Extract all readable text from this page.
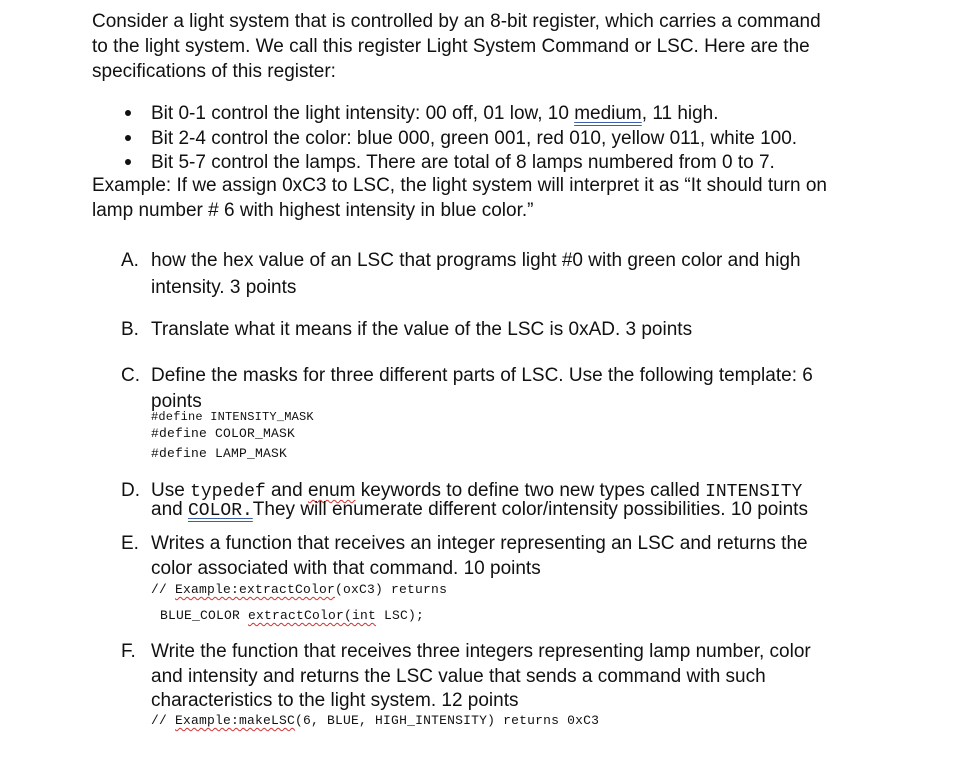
Consider a light system that is controlled by an 8-bit register, which carries a command
to the light system. We call this register Light System Command or LSC. Here are the
specifications of this register:
Bit 0-1 control the light intensity: 00 off, 01 low, 10 medium, 11 high.
Bit 2-4 control the color: blue 000, green 001, red 010, yellow 011, white 100.
Bit 5-7 control the lamps. There are total of 8 lamps numbered from 0 to 7.
Example: If we assign 0xC3 to LSC, the light system will interpret it as “It should turn on
lamp number # 6 with highest intensity in blue color.”
A. how the hex value of an LSC that programs light #0 with green color and high
intensity. 3 points
B. Translate what it means if the value of the LSC is 0xAD. 3 points
C. Define the masks for three different parts of LSC. Use the following template: 6
points
#define INTENSITY_MASK
#define COLOR_MASK
#define LAMP_MASK
D. Use typedef and enum keywords to define two new types called INTENSITY
and COLOR.They will enumerate different color/intensity possibilities. 10 points
E. Writes a function that receives an integer representing an LSC and returns the
color associated with that command. 10 points
// Example:extractColor(oxC3) returns
BLUE_COLOR extractColor(int LSC);
F. Write the function that receives three integers representing lamp number, color
and intensity and returns the LSC value that sends a command with such
characteristics to the light system. 12 points
// Example:makeLSC(6, BLUE, HIGH_INTENSITY) returns 0xC3
